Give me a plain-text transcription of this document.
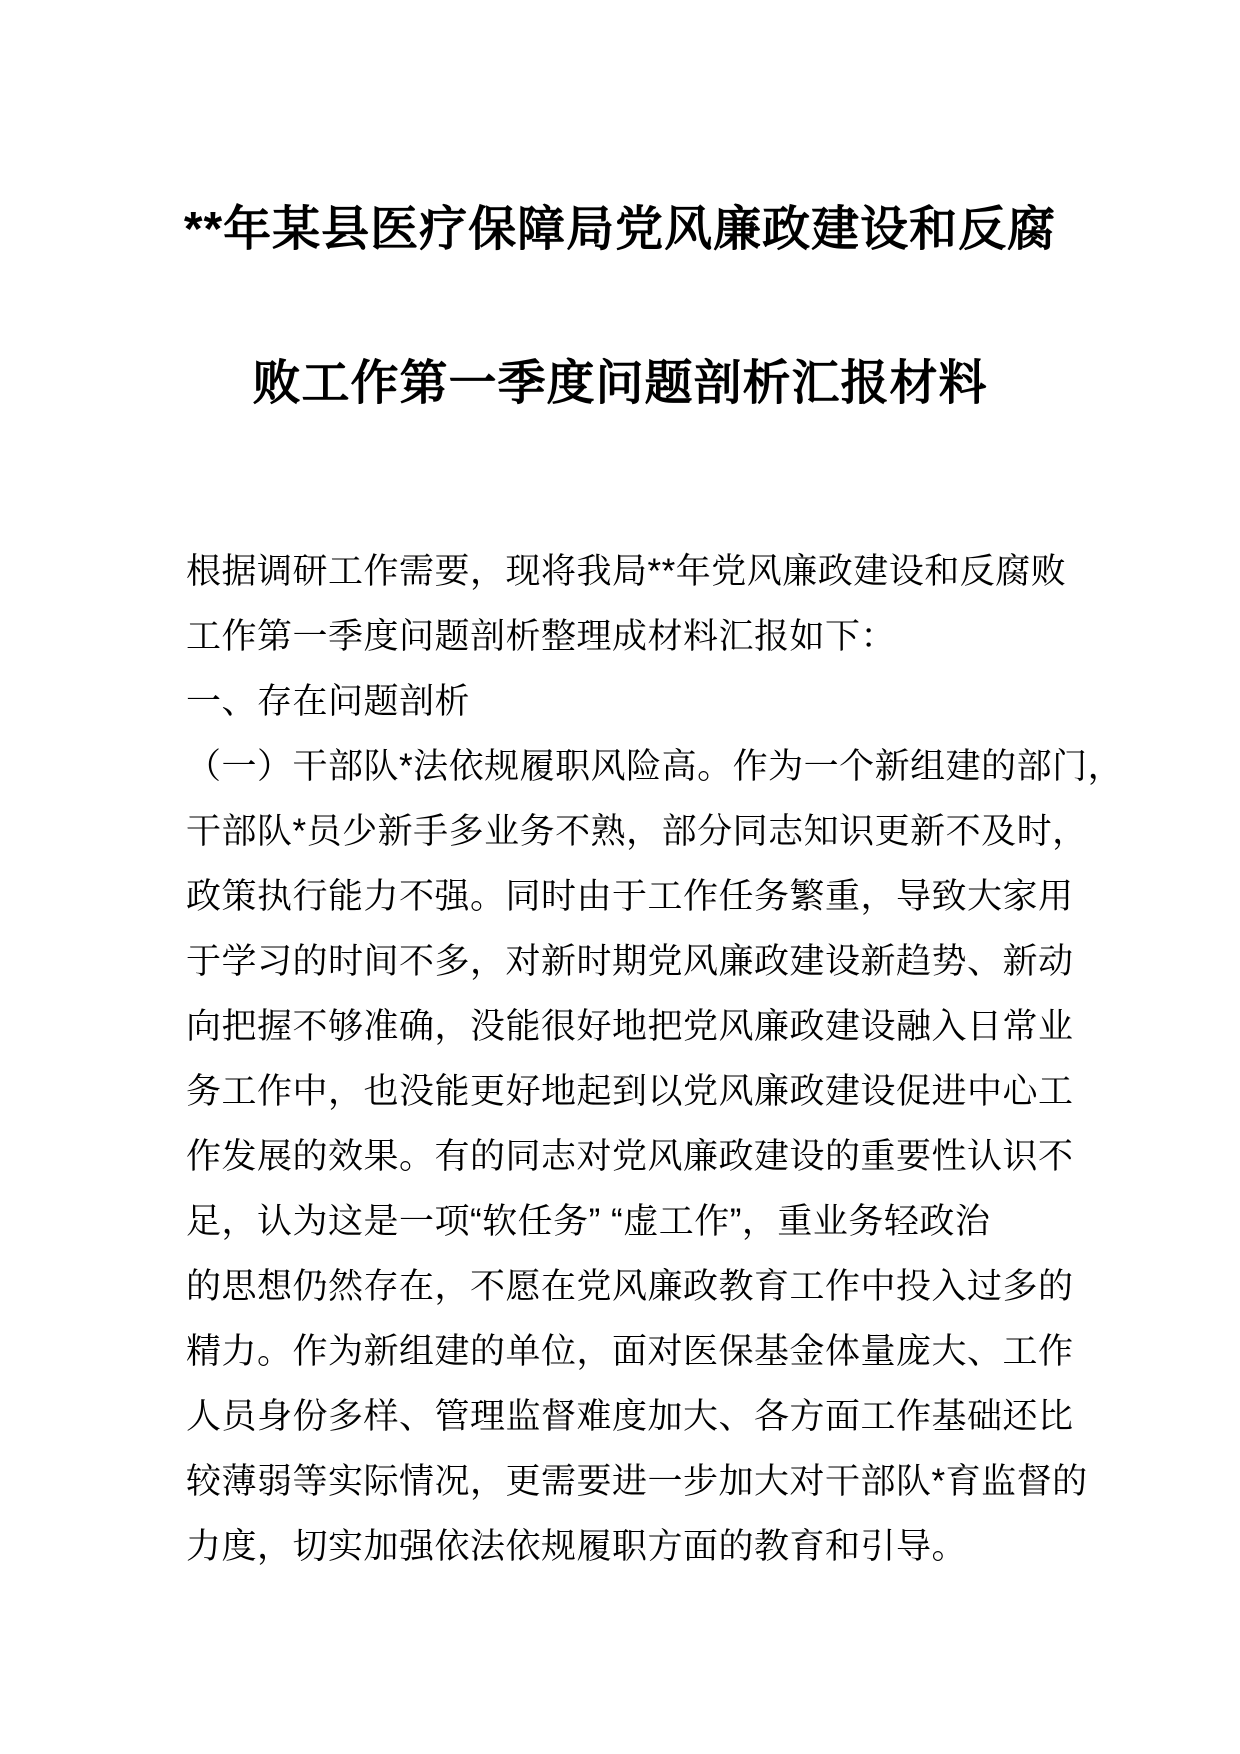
**年某县医疗保障局党风廉政建设和反腐
败工作第一季度问题剖析汇报材料
根据调研工作需要，现将我局**年党风廉政建设和反腐败
工作第一季度问题剖析整理成材料汇报如下：
一、存在问题剖析
（一）干部队*法依规履职风险高。作为一个新组建的部门，
干部队*员少新手多业务不熟，部分同志知识更新不及时，
政策执行能力不强。同时由于工作任务繁重，导致大家用
于学习的时间不多，对新时期党风廉政建设新趋势、新动
向把握不够准确，没能很好地把党风廉政建设融入日常业
务工作中，也没能更好地起到以党风廉政建设促进中心工
作发展的效果。有的同志对党风廉政建设的重要性认识不
足，认为这是一项“软任务” “虚工作”，重业务轻政治
的思想仍然存在，不愿在党风廉政教育工作中投入过多的
精力。作为新组建的单位，面对医保基金体量庞大、工作
人员身份多样、管理监督难度加大、各方面工作基础还比
较薄弱等实际情况，更需要进一步加大对干部队*育监督的
力度，切实加强依法依规履职方面的教育和引导。
